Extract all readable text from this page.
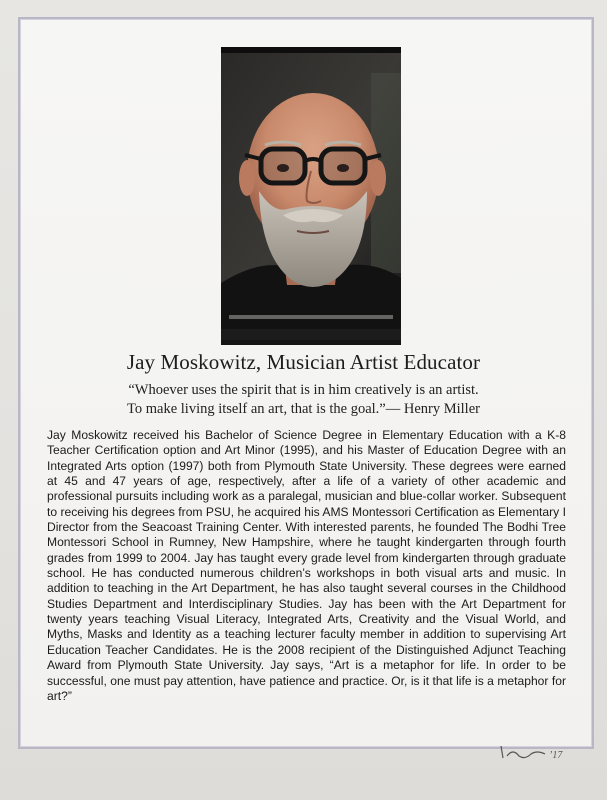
Jay Moskowitz, Musician Artist Educator
“Whoever uses the spirit that is in him creatively is an artist.
To make living itself an art, that is the goal.”— Henry Miller
Jay Moskowitz received his Bachelor of Science Degree in Elementary Education with a K-8 Teacher Certification option and Art Minor (1995), and his Master of Education Degree with an Integrated Arts option (1997) both from Plymouth State University. These degrees were earned at 45 and 47 years of age, respectively, after a life of a variety of other academic and professional pursuits including work as a paralegal, musician and blue-collar worker. Subsequent to receiving his degrees from PSU, he acquired his AMS Montessori Certification as Elementary I Director from the Seacoast Training Center. With interested parents, he founded The Bodhi Tree Montessori School in Rumney, New Hampshire, where he taught kindergarten through fourth grades from 1999 to 2004. Jay has taught every grade level from kindergarten through graduate school. He has conducted numerous children’s workshops in both visual arts and music. In addition to teaching in the Art Department, he has also taught several courses in the Childhood Studies Department and Interdisciplinary Studies. Jay has been with the Art Department for twenty years teaching Visual Literacy, Integrated Arts, Creativity and the Visual World, and Myths, Masks and Identity as a teaching lecturer faculty member in addition to supervising Art Education Teacher Candidates. He is the 2008 recipient of the Distinguished Adjunct Teaching Award from Plymouth State University. Jay says, “Art is a metaphor for life. In order to be successful, one must pay attention, have patience and practice. Or, is it that life is a metaphor for art?”
’17
